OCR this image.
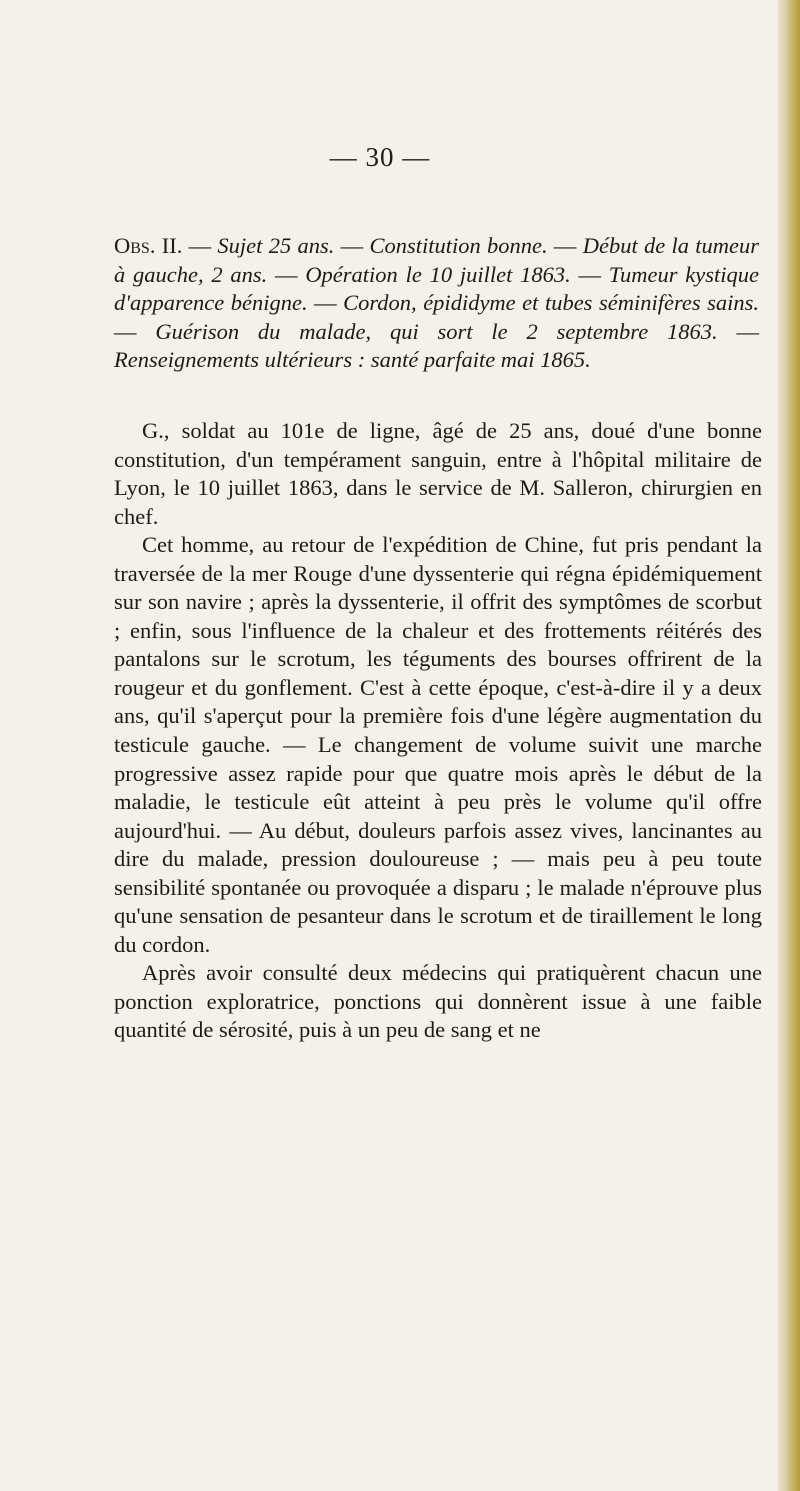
— 30 —
Obs. II. — Sujet 25 ans. — Constitution bonne. — Début de la tumeur à gauche, 2 ans. — Opération le 10 juillet 1863. — Tumeur kystique d'apparence bénigne. — Cordon, épididyme et tubes séminifères sains. — Guérison du malade, qui sort le 2 septembre 1863. — Renseignements ultérieurs : santé parfaite mai 1865.

G., soldat au 101e de ligne, âgé de 25 ans, doué d'une bonne constitution, d'un tempérament sanguin, entre à l'hôpital militaire de Lyon, le 10 juillet 1863, dans le service de M. Salleron, chirurgien en chef.

Cet homme, au retour de l'expédition de Chine, fut pris pendant la traversée de la mer Rouge d'une dyssenterie qui régna épidémiquement sur son navire ; après la dyssenterie, il offrit des symptômes de scorbut ; enfin, sous l'influence de la chaleur et des frottements réitérés des pantalons sur le scrotum, les téguments des bourses offrirent de la rougeur et du gonflement. C'est à cette époque, c'est-à-dire il y a deux ans, qu'il s'aperçut pour la première fois d'une légère augmentation du testicule gauche. — Le changement de volume suivit une marche progressive assez rapide pour que quatre mois après le début de la maladie, le testicule eût atteint à peu près le volume qu'il offre aujourd'hui. — Au début, douleurs parfois assez vives, lancinantes au dire du malade, pression douloureuse ; — mais peu à peu toute sensibilité spontanée ou provoquée a disparu ; le malade n'éprouve plus qu'une sensation de pesanteur dans le scrotum et de tiraillement le long du cordon.

Après avoir consulté deux médecins qui pratiquèrent chacun une ponction exploratrice, ponctions qui donnèrent issue à une faible quantité de sérosité, puis à un peu de sang et ne
